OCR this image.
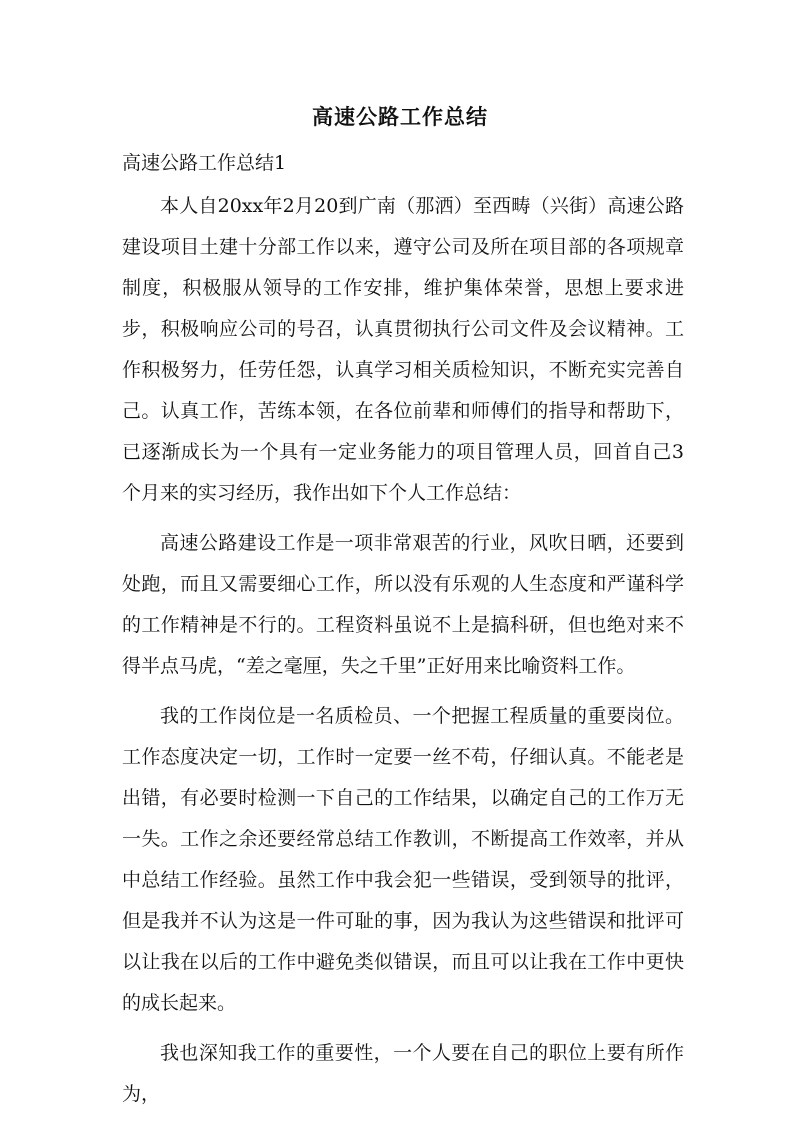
高速公路工作总结
高速公路工作总结1

本人自20xx年2月20到广南（那洒）至西畴（兴街）高速公路建设项目土建十分部工作以来，遵守公司及所在项目部的各项规章制度，积极服从领导的工作安排，维护集体荣誉，思想上要求进步，积极响应公司的号召，认真贯彻执行公司文件及会议精神。工作积极努力，任劳任怨，认真学习相关质检知识，不断充实完善自己。认真工作，苦练本领，在各位前辈和师傅们的指导和帮助下，已逐渐成长为一个具有一定业务能力的项目管理人员，回首自己3个月来的实习经历，我作出如下个人工作总结：

高速公路建设工作是一项非常艰苦的行业，风吹日晒，还要到处跑，而且又需要细心工作，所以没有乐观的人生态度和严谨科学的工作精神是不行的。工程资料虽说不上是搞科研，但也绝对来不得半点马虎，“差之毫厘，失之千里”正好用来比喻资料工作。

我的工作岗位是一名质检员、一个把握工程质量的重要岗位。工作态度决定一切，工作时一定要一丝不苟，仔细认真。不能老是出错，有必要时检测一下自己的工作结果，以确定自己的工作万无一失。工作之余还要经常总结工作教训，不断提高工作效率，并从中总结工作经验。虽然工作中我会犯一些错误，受到领导的批评，但是我并不认为这是一件可耻的事，因为我认为这些错误和批评可以让我在以后的工作中避免类似错误，而且可以让我在工作中更快的成长起来。

我也深知我工作的重要性，一个人要在自己的职位上要有所作为，
